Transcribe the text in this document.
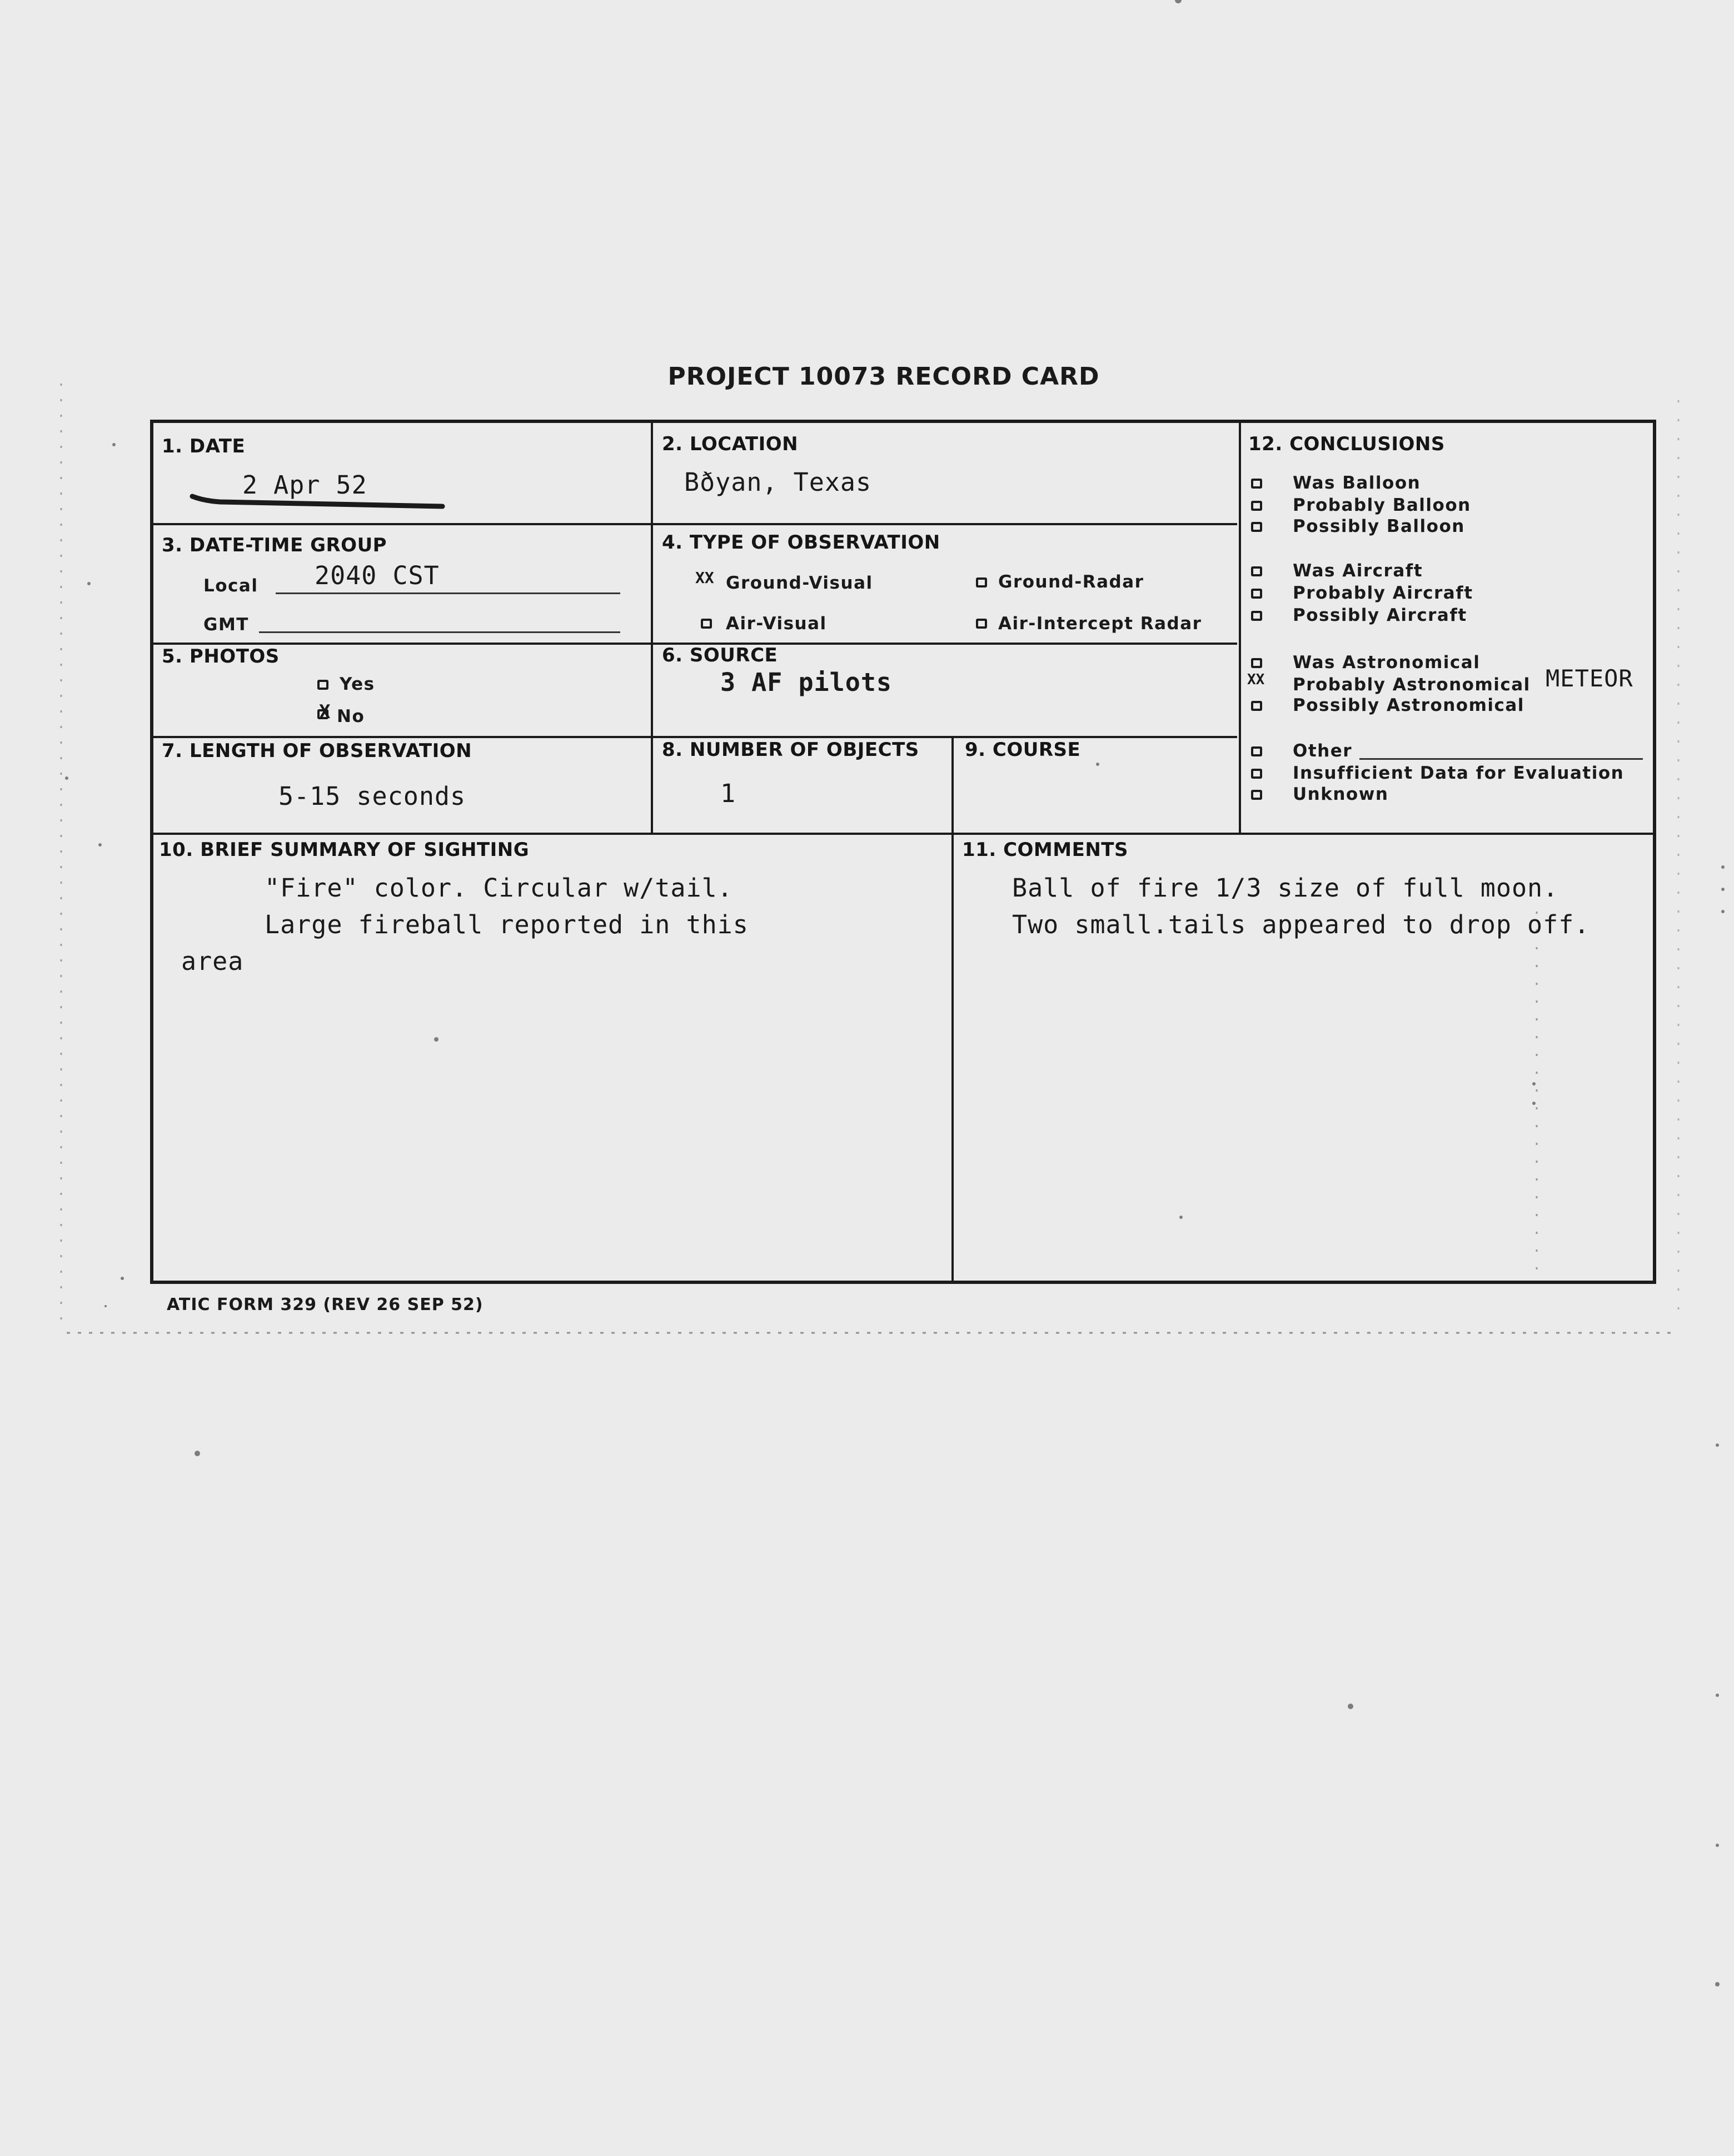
PROJECT 10073 RECORD CARD
1. DATE
2 Apr 52
2. LOCATION
Bðyan, Texas
3. DATE-TIME GROUP
Local 2040 CST
GMT
4. TYPE OF OBSERVATION
XX Ground-Visual	Ground-Radar
Air-Visual	Air-Intercept Radar
5. PHOTOS
Yes
X No
6. SOURCE
3 AF pilots
7. LENGTH OF OBSERVATION
5-15 seconds
8. NUMBER OF OBJECTS
1
9. COURSE
10. BRIEF SUMMARY OF SIGHTING
"Fire" color. Circular w/tail.
Large fireball reported in this
area
11. COMMENTS
Ball of fire 1/3 size of full moon.
Two small.tails appeared to drop off.
12. CONCLUSIONS
Was Balloon
Probably Balloon
Possibly Balloon
Was Aircraft
Probably Aircraft
Possibly Aircraft
Was Astronomical
XX Probably Astronomical METEOR
Possibly Astronomical
Other
Insufficient Data for Evaluation
Unknown
ATIC FORM 329 (REV 26 SEP 52)
